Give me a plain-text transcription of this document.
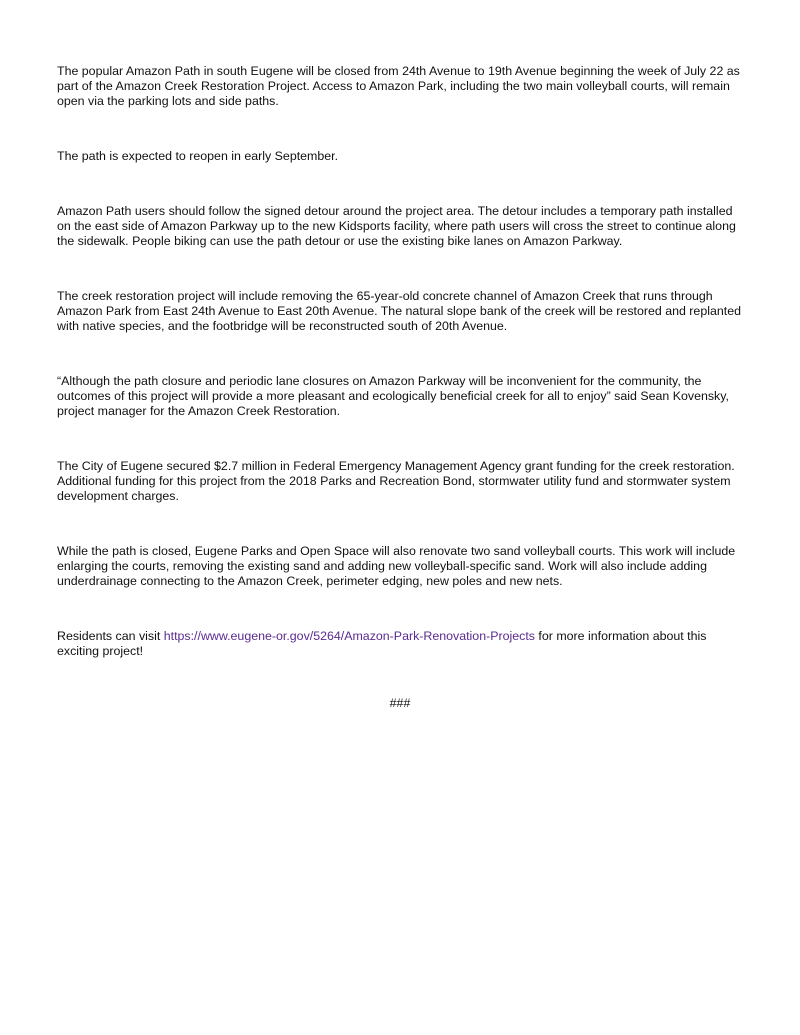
The popular Amazon Path in south Eugene will be closed from 24th Avenue to 19th Avenue beginning the week of July 22 as part of the Amazon Creek Restoration Project. Access to Amazon Park, including the two main volleyball courts, will remain open via the parking lots and side paths.

The path is expected to reopen in early September.

Amazon Path users should follow the signed detour around the project area. The detour includes a temporary path installed on the east side of Amazon Parkway up to the new Kidsports facility, where path users will cross the street to continue along the sidewalk. People biking can use the path detour or use the existing bike lanes on Amazon Parkway.

The creek restoration project will include removing the 65-year-old concrete channel of Amazon Creek that runs through Amazon Park from East 24th Avenue to East 20th Avenue. The natural slope bank of the creek will be restored and replanted with native species, and the footbridge will be reconstructed south of 20th Avenue.

“Although the path closure and periodic lane closures on Amazon Parkway will be inconvenient for the community, the outcomes of this project will provide a more pleasant and ecologically beneficial creek for all to enjoy” said Sean Kovensky, project manager for the Amazon Creek Restoration.

The City of Eugene secured $2.7 million in Federal Emergency Management Agency grant funding for the creek restoration. Additional funding for this project from the 2018 Parks and Recreation Bond, stormwater utility fund and stormwater system development charges.

While the path is closed, Eugene Parks and Open Space will also renovate two sand volleyball courts. This work will include enlarging the courts, removing the existing sand and adding new volleyball-specific sand. Work will also include adding underdrainage connecting to the Amazon Creek, perimeter edging, new poles and new nets.

Residents can visit https://www.eugene-or.gov/5264/Amazon-Park-Renovation-Projects for more information about this exciting project!

###
